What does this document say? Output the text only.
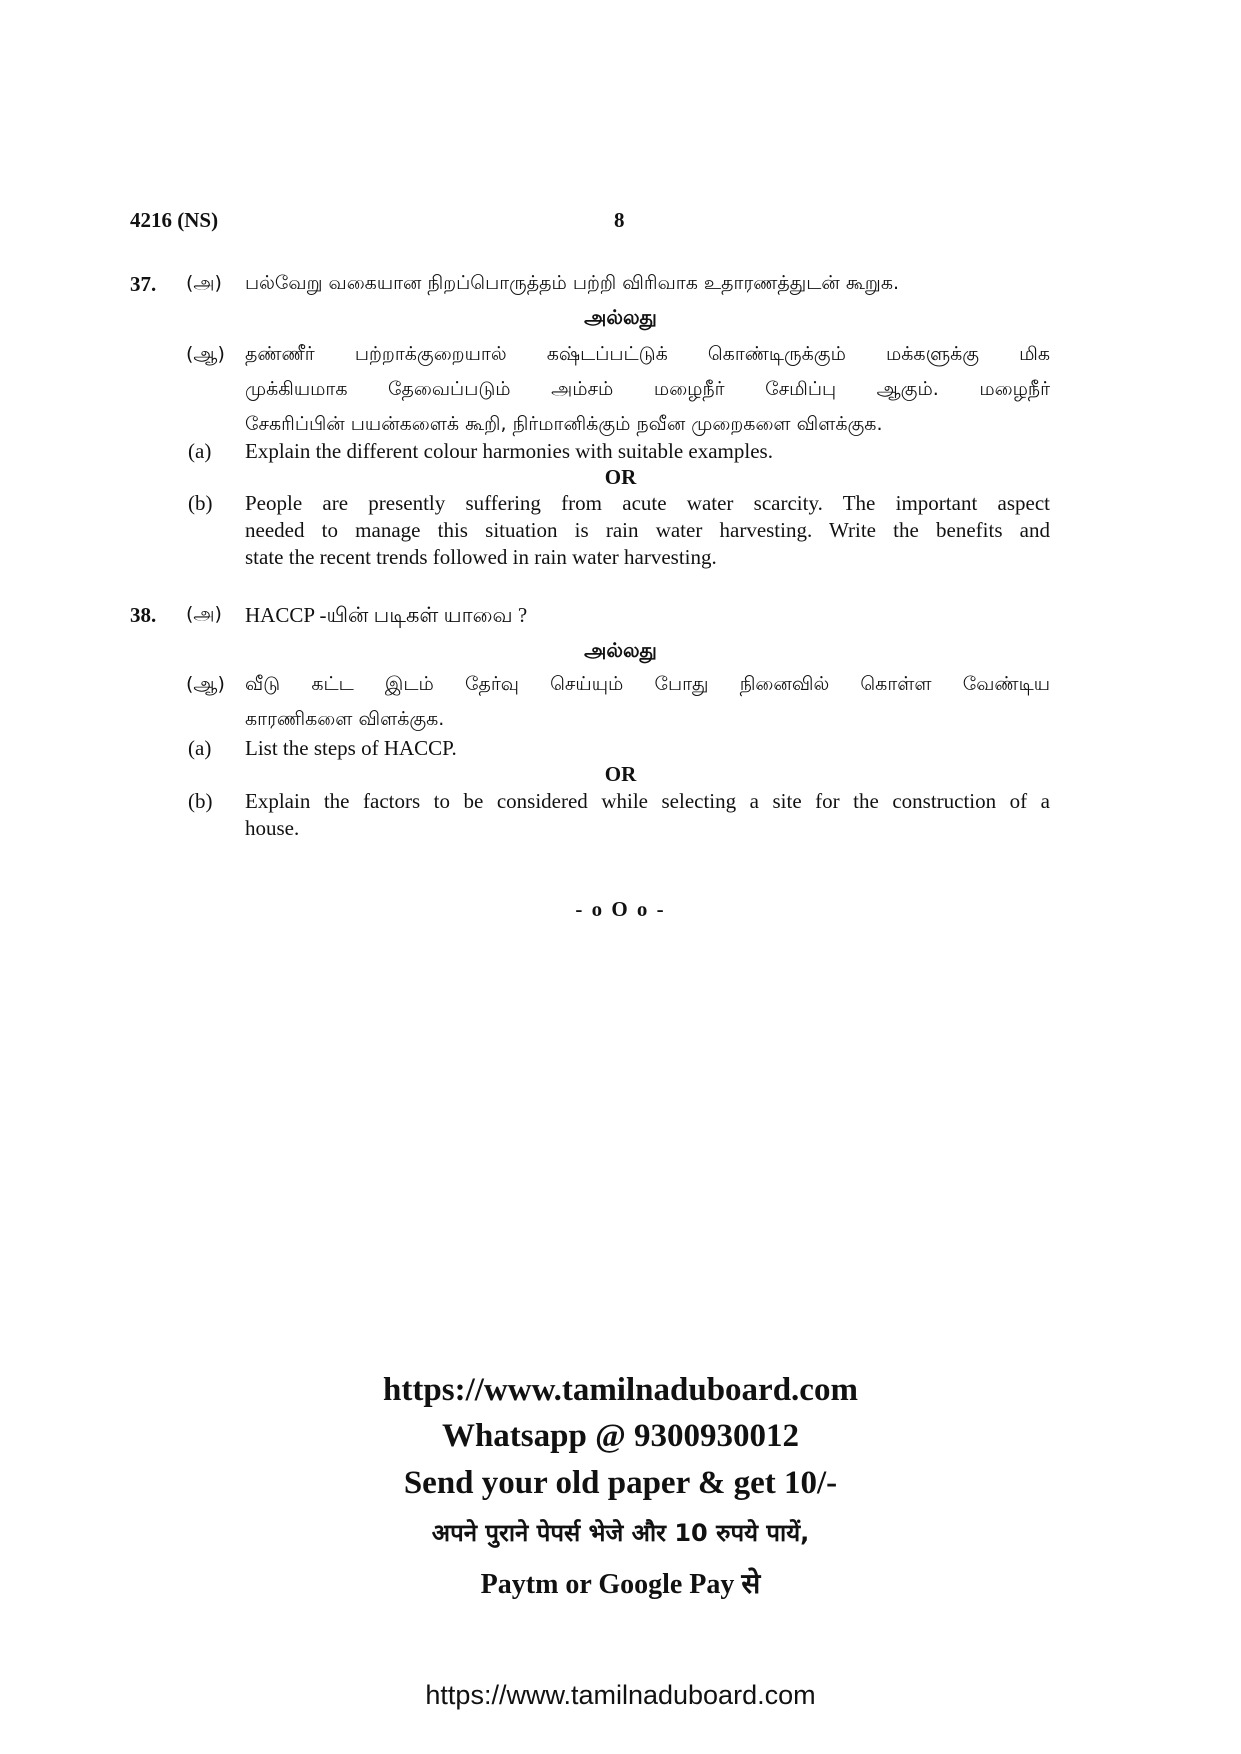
4216 (NS)	8
37. (அ) பல்வேறு வகையான நிறப்பொருத்தம் பற்றி விரிவாக உதாரணத்துடன் கூறுக.
அல்லது
(ஆ) தண்ணீர் பற்றாக்குறையால் கஷ்டப்பட்டுக் கொண்டிருக்கும் மக்களுக்கு மிக
முக்கியமாக தேவைப்படும் அம்சம் மழைநீர் சேமிப்பு ஆகும். மழைநீர்
சேகரிப்பின் பயன்களைக் கூறி, நிர்மானிக்கும் நவீன முறைகளை விளக்குக.
(a) Explain the different colour harmonies with suitable examples.
OR
(b) People are presently suffering from acute water scarcity. The important aspect
needed to manage this situation is rain water harvesting. Write the benefits and
state the recent trends followed in rain water harvesting.
38. (அ) HACCP -யின் படிகள் யாவை ?
அல்லது
(ஆ) வீடு கட்ட இடம் தேர்வு செய்யும் போது நினைவில் கொள்ள வேண்டிய
காரணிகளை விளக்குக.
(a) List the steps of HACCP.
OR
(b) Explain the factors to be considered while selecting a site for the construction of a
house.
- o O o -
https://www.tamilnaduboard.com
Whatsapp @ 9300930012
Send your old paper & get 10/-
अपने पुराने पेपर्स भेजे और 10 रुपये पायें,
Paytm or Google Pay से
https://www.tamilnaduboard.com
